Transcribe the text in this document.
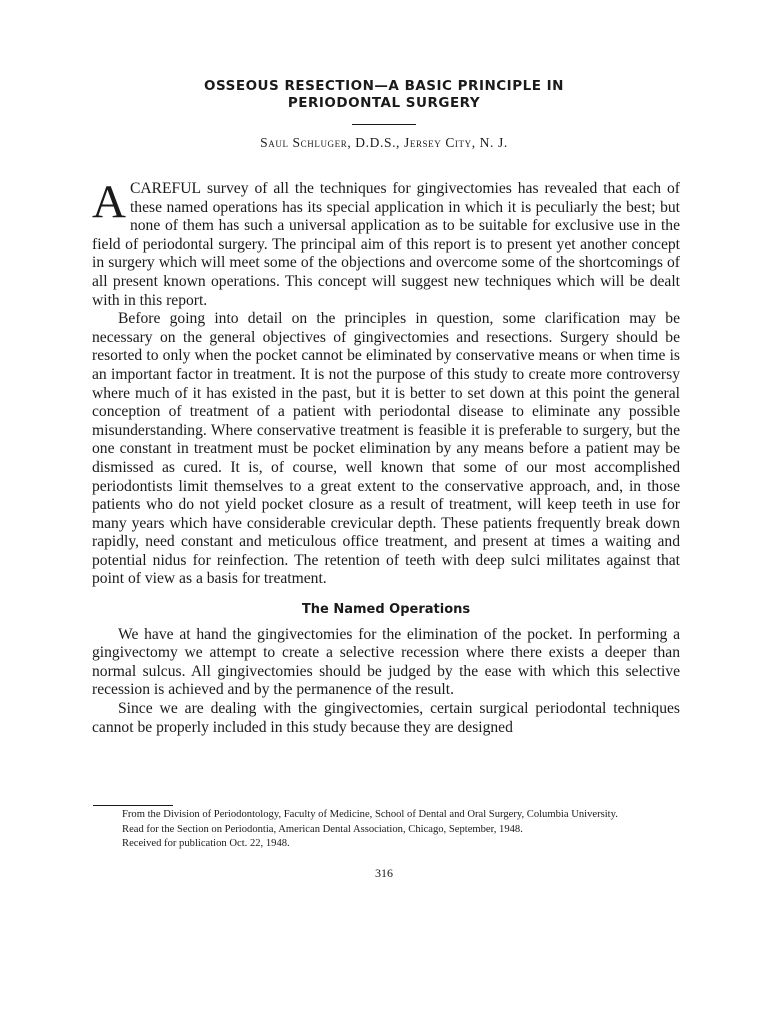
OSSEOUS RESECTION—A BASIC PRINCIPLE IN

PERIODONTAL SURGERY

Saul Schluger, D.D.S., Jersey City, N. J.

ACAREFUL survey of all the techniques for gingivectomies has revealed that each of these named operations has its special application in which it is peculiarly the best; but none of them has such a universal application as to be suitable for exclusive use in the field of periodontal surgery. The principal aim of this report is to present yet another concept in surgery which will meet some of the objections and overcome some of the shortcomings of all present known operations. This concept will suggest new techniques which will be dealt with in this report.

Before going into detail on the principles in question, some clarification may be necessary on the general objectives of gingivectomies and resections. Surgery should be resorted to only when the pocket cannot be eliminated by conservative means or when time is an important factor in treatment. It is not the purpose of this study to create more controversy where much of it has existed in the past, but it is better to set down at this point the general conception of treatment of a patient with periodontal disease to eliminate any possible misunderstanding. Where conservative treatment is feasible it is preferable to surgery, but the one constant in treatment must be pocket elimination by any means before a patient may be dismissed as cured. It is, of course, well known that some of our most accomplished periodontists limit themselves to a great extent to the conservative approach, and, in those patients who do not yield pocket closure as a result of treatment, will keep teeth in use for many years which have considerable crevicular depth. These patients frequently break down rapidly, need constant and meticulous office treatment, and present at times a waiting and potential nidus for reinfection. The retention of teeth with deep sulci militates against that point of view as a basis for treatment.

The Named Operations

We have at hand the gingivectomies for the elimination of the pocket. In performing a gingivectomy we attempt to create a selective recession where there exists a deeper than normal sulcus. All gingivectomies should be judged by the ease with which this selective recession is achieved and by the permanence of the result.

Since we are dealing with the gingivectomies, certain surgical periodontal techniques cannot be properly included in this study because they are designed

From the Division of Periodontology, Faculty of Medicine, School of Dental and Oral Surgery, Columbia University.

Read for the Section on Periodontia, American Dental Association, Chicago, September, 1948.

Received for publication Oct. 22, 1948.

316
